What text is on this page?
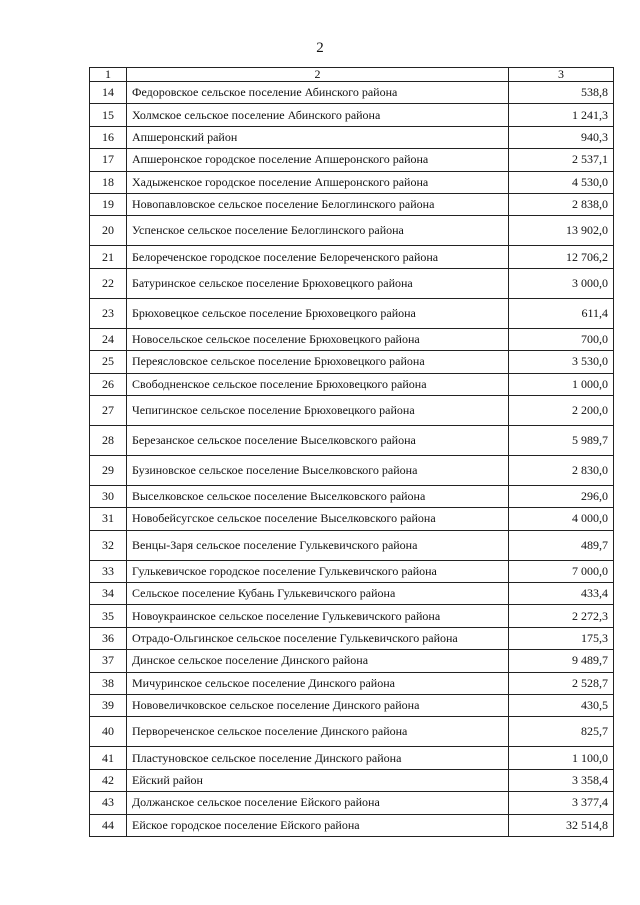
2
1	2	3
14	Федоровское сельское поселение Абинского района	538,8
15	Холмское сельское поселение Абинского района	1 241,3
16	Апшеронский район	940,3
17	Апшеронское городское поселение Апшеронского района	2 537,1
18	Хадыженское городское поселение Апшеронского района	4 530,0
19	Новопавловское сельское поселение Белоглинского района	2 838,0
20	Успенское сельское поселение Белоглинского района	13 902,0
21	Белореченское городское поселение Белореченского района	12 706,2
22	Батуринское сельское поселение Брюховецкого района	3 000,0
23	Брюховецкое сельское поселение Брюховецкого района	611,4
24	Новосельское сельское поселение Брюховецкого района	700,0
25	Переясловское сельское поселение Брюховецкого района	3 530,0
26	Свободненское сельское поселение Брюховецкого района	1 000,0
27	Чепигинское сельское поселение Брюховецкого района	2 200,0
28	Березанское сельское поселение Выселковского района	5 989,7
29	Бузиновское сельское поселение Выселковского района	2 830,0
30	Выселковское сельское поселение Выселковского района	296,0
31	Новобейсугское сельское поселение Выселковского района	4 000,0
32	Венцы-Заря сельское поселение Гулькевичского района	489,7
33	Гулькевичское городское поселение Гулькевичского района	7 000,0
34	Сельское поселение Кубань Гулькевичского района	433,4
35	Новоукраинское сельское поселение Гулькевичского района	2 272,3
36	Отрадо-Ольгинское сельское поселение Гулькевичского района	175,3
37	Динское сельское поселение Динского района	9 489,7
38	Мичуринское сельское поселение Динского района	2 528,7
39	Нововеличковское сельское поселение Динского района	430,5
40	Первореченское сельское поселение Динского района	825,7
41	Пластуновское сельское поселение Динского района	1 100,0
42	Ейский район	3 358,4
43	Должанское сельское поселение Ейского района	3 377,4
44	Ейское городское поселение Ейского района	32 514,8
